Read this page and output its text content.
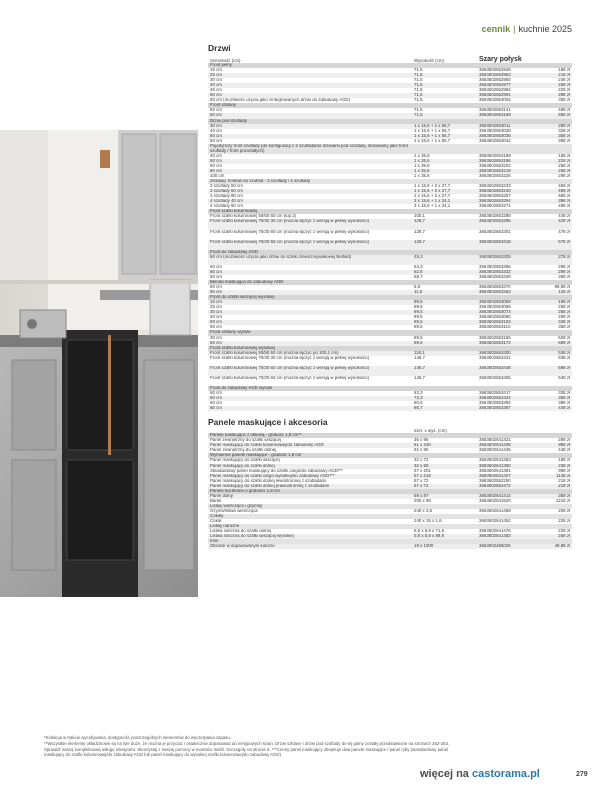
cennik | kuchnie 2025
Drzwi
Szerokość (cm)	Wysokość (cm)	Szary połysk
Front pełny
15 cm	71,5	3663602652948	188 zł
25 cm	71,5	3663602652953	218 zł
30 cm	71,5	3663602652960	248 zł
40 cm	71,5	3663602652977	258 zł
45 cm	71,5	3663602652984	228 zł
50 cm	71,5	3663602652991	298 zł
60 cm (możliwość użycia jako zintegrowanych drzwi do zabudowy AGD)	71,5	3663602653004	358 zł
Front szklany
50 cm	71,5	3663602653141	498 zł
60 cm	71,5	3663602653158	558 zł
Drzwi pod szuflady
30 cm	1 x 15,6 + 1 x 55,7	3663602653011	298 zł
40 cm	1 x 15,6 + 1 x 55,7	3663602653028	328 zł
50 cm	1 x 15,6 + 1 x 55,7	3663602653035	358 zł
60 cm	1 x 15,6 + 1 x 55,7	3663602653042	398 zł
Pojedynczy front szuflady (do konfiguracji z 2 szufladami/ drzwiami pod szuflady, stosowany jako front szuflady / front pozostałych)
40 cm	1 x 35,6	3663602653189	198 zł
50 cm	1 x 35,6	3663602653196	228 zł
60 cm	1 x 35,6	3663602653202	258 zł
80 cm	1 x 35,6	3663602653219	268 zł
100 cm	1 x 35,6	3663602653226	298 zł
Zestawy frontów do szuflad - 3 szuflady i 4 szuflady
3 szuflady 50 cm	1 x 15,6 + 2 x 27,7	3663602653233	458 zł
3 szuflady 60 cm	1 x 15,6 + 2 x 27,7	3663602653240	498 zł
3 szuflady 80 cm	1 x 15,6 + 2 x 27,7	3663602653257	558 zł
4 szuflady 40 cm	3 x 15,6 + 1 x 24,1	3663602653264	398 zł
4 szuflady 50 cm	3 x 15,6 + 1 x 24,1	3663602653271	488 zł
Front szafki kolumnowej
Front szafki kolumnowej 50/50 60 cm (lup 2)	100,1	3663602653288	448 zł
Front szafki kolumnowej 70/30 30 cm (można łączyć z wersją w pełnej wysokości)	128,7	3663602653295	428 zł
Front szafki kolumnowej 70/30 60 cm (można łączyć z wersją w pełnej wysokości)	128,7	3663602653301	478 zł
Front szafki kolumnowej 70/30 60 cm (można łączyć z wersją w pełnej wysokości)	128,7	3663602653318	578 zł
Front do zabudowy AGD
60 cm (możliwość użycia jako drzwi do szafki zlewozmywakowej Belfast)	45,3	3663602653325	278 zł
60 cm	54,3	3663602653356	298 zł
60 cm	62,6	3663602653332	298 zł
60 cm	58,7	3663602653349	368 zł
Blenda maskująca do zabudowy AGD
60 cm	5,8	3663602653370	99,98 zł
60 cm	11,5	3663602653363	128 zł
Front do szafki wiszącej wysokiej
15 cm	89,5	3663602653059	198 zł
25 cm	89,5	3663602653066	258 zł
30 cm	89,5	3663602653073	268 zł
40 cm	89,5	3663602653080	298 zł
50 cm	89,5	3663602653103	348 zł
60 cm	89,5	3663602653110	368 zł
Front szklany wysoki
30 cm	89,5	3663602653165	528 zł
60 cm	89,5	3663602653172	698 zł
Front szafki kolumnowej wysokiej
Front szafki kolumnowej 50/50 60 cm (można łączyć po 100,1 cm)	118,1	3663602653400	538 zł
Front szafki kolumnowej 70/30 30 cm (można łączyć z wersją w pełnej wysokości)	146,7	3663602653431	538 zł
Front szafki kolumnowej 70/30 60 cm (można łączyć z wersją w pełnej wysokości)	146,7	3663602653448	598 zł
Front szafki kolumnowej 70/30 60 cm (można łączyć z wersją w pełnej wysokości)	146,7	3663602653455	648 zł
Front do zabudowy AGD wysoki
60 cm	63,3	3663602653417	338 zł
60 cm	72,3	3663602653424	358 zł
60 cm	80,6	3663602653394	398 zł
60 cm	86,7	3663602653387	448 zł
Panele maskujące i akcesoria
szer. x wys. (cm)
Panele maskujące z okleiną - grubość 1,8 cm**
Panel zewnętrzny do szafki wiszącej	36 x 96	3663602641421	298 zł
Panel maskujący do szafki kolumnowej/do zabudowy AGD	61 x 240	3663602641438	998 zł
Panel zewnętrzny do szafki dolnej	61 x 90	3663602641445	448 zł
Wymienne panele maskujące - grubość 1,8 cm
Panel maskujący do szafki wiszącej	32 x 72	3663602641353	198 zł
Panel maskujący do szafki dolnej	32 x 90	3663602641360	238 zł
Standardowy panel maskujący do szafki cargo/do zabudowy AGD***	57 x 201	3663602641391	998 zł
Panel maskujący do szafki cargo wysokiej/do zabudowy AGD***	57 x 219	3663602641407	1148 zł
Panel maskujący do szafki dolnej lewostronnej z szufladami	57 x 72	3663602552250	218 zł
Panel maskujący do szafki dolnej prawostronnej z szufladami	57 x 72	3663602552472	218 zł
Panele kuchenne o grubości 1,8 cm
Panel dolny	59 x 87	3663602641414	358 zł
Barek	200 x 89	3663602641520	1218 zł
Listwy wieńczące i gzymsy
Gzyms/listwa wieńcząca	240 x 3,5	3663602641469	208 zł
Cokoły
Cokół	240 x 15 x 1,6	3663602641452	228 zł
Listwy narożne
Listwa narożna do szafki dolnej	5,9 x 5,9 x 71,5	3663602641476	228 zł
Listwa narożna do szafki wiszącej wysokiej	5,9 x 5,9 x 89,5	3663602641483	258 zł
Inne
Obrazie w dopasowanym kolorze	19 x 1000	3663602485025	49,98 zł
*Kolekcja w trakcie wycofywania, dostępność poszczególnych elementów do wyczerpania zapasu.
**Wszystkie elementy okładzinowe są na tyle duże, że można je przyciąć i ostatecznie dopasować do nietypowych ścian. Drzwi szklane i drzwi pod szuflady do tej gamy zostały przedstawione na stronach 262-263.
Sprawdź naszą kompleksową usługę transportu. Skorzystaj z naszej pomocy w montażu mebli. Szczegóły na stronie 6. ***Cenny panel maskujący obejmuje dwa panele maskujące / panel ryby (standardowy panel
maskujący do szafki kolumnowej/do zabudowy AGD lub panel maskujący do wysokiej szafki kolumnowej/do zabudowy AGD).
więcej na castorama.pl	279
